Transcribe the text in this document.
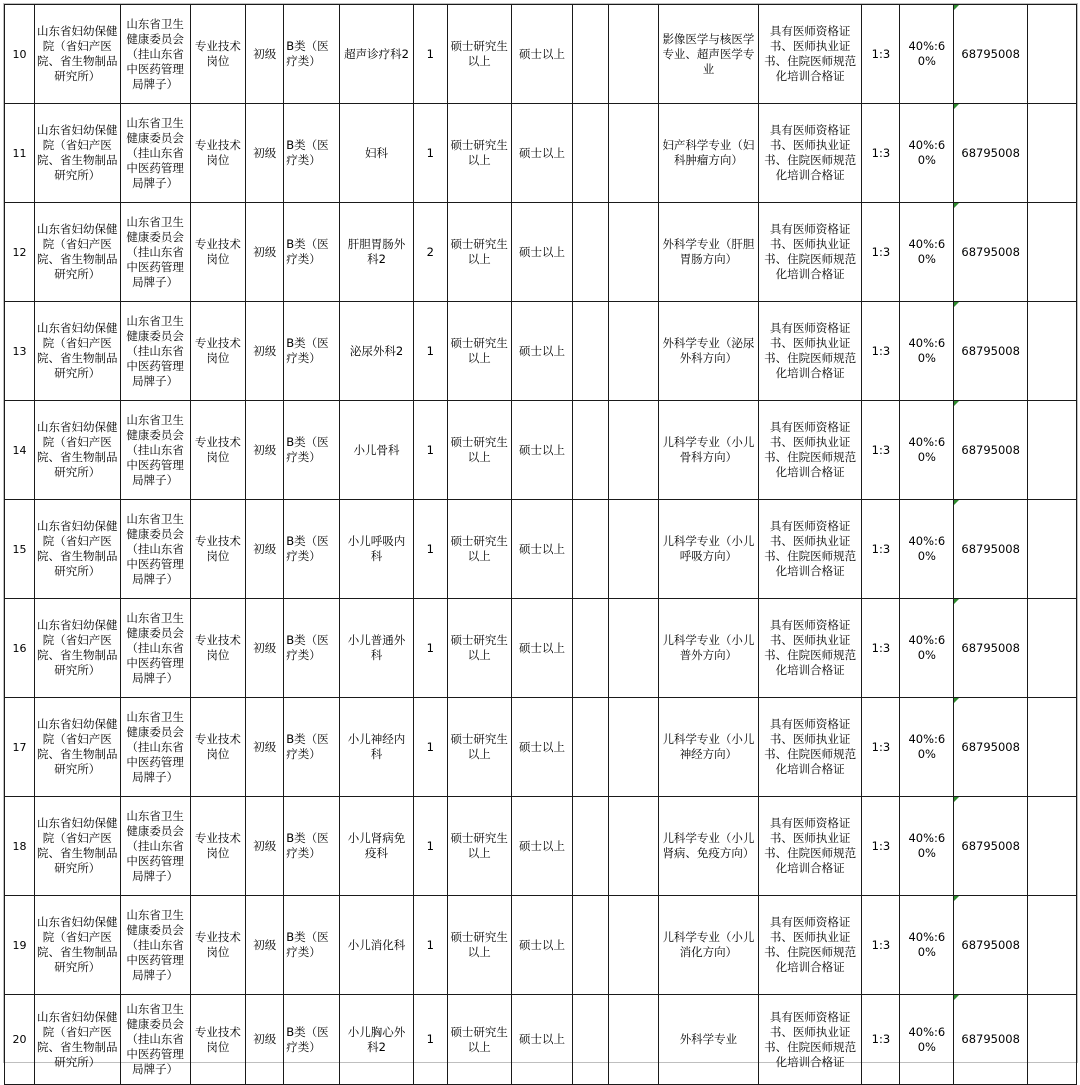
10	山东省妇幼保健院（省妇产医院、省生物制品研究所）	山东省卫生健康委员会（挂山东省中医药管理局牌子）	专业技术岗位	初级	B类（医疗类）	超声诊疗科2	1	硕士研究生以上	硕士以上			影像医学与核医学专业、超声医学专业	具有医师资格证书、医师执业证书、住院医师规范化培训合格证	1:3	40%:60%	68795008	
11	山东省妇幼保健院（省妇产医院、省生物制品研究所）	山东省卫生健康委员会（挂山东省中医药管理局牌子）	专业技术岗位	初级	B类（医疗类）	妇科	1	硕士研究生以上	硕士以上			妇产科学专业（妇科肿瘤方向）	具有医师资格证书、医师执业证书、住院医师规范化培训合格证	1:3	40%:60%	68795008	
12	山东省妇幼保健院（省妇产医院、省生物制品研究所）	山东省卫生健康委员会（挂山东省中医药管理局牌子）	专业技术岗位	初级	B类（医疗类）	肝胆胃肠外科2	2	硕士研究生以上	硕士以上			外科学专业（肝胆胃肠方向）	具有医师资格证书、医师执业证书、住院医师规范化培训合格证	1:3	40%:60%	68795008	
13	山东省妇幼保健院（省妇产医院、省生物制品研究所）	山东省卫生健康委员会（挂山东省中医药管理局牌子）	专业技术岗位	初级	B类（医疗类）	泌尿外科2	1	硕士研究生以上	硕士以上			外科学专业（泌尿外科方向）	具有医师资格证书、医师执业证书、住院医师规范化培训合格证	1:3	40%:60%	68795008	
14	山东省妇幼保健院（省妇产医院、省生物制品研究所）	山东省卫生健康委员会（挂山东省中医药管理局牌子）	专业技术岗位	初级	B类（医疗类）	小儿骨科	1	硕士研究生以上	硕士以上			儿科学专业（小儿骨科方向）	具有医师资格证书、医师执业证书、住院医师规范化培训合格证	1:3	40%:60%	68795008	
15	山东省妇幼保健院（省妇产医院、省生物制品研究所）	山东省卫生健康委员会（挂山东省中医药管理局牌子）	专业技术岗位	初级	B类（医疗类）	小儿呼吸内科	1	硕士研究生以上	硕士以上			儿科学专业（小儿呼吸方向）	具有医师资格证书、医师执业证书、住院医师规范化培训合格证	1:3	40%:60%	68795008	
16	山东省妇幼保健院（省妇产医院、省生物制品研究所）	山东省卫生健康委员会（挂山东省中医药管理局牌子）	专业技术岗位	初级	B类（医疗类）	小儿普通外科	1	硕士研究生以上	硕士以上			儿科学专业（小儿普外方向）	具有医师资格证书、医师执业证书、住院医师规范化培训合格证	1:3	40%:60%	68795008	
17	山东省妇幼保健院（省妇产医院、省生物制品研究所）	山东省卫生健康委员会（挂山东省中医药管理局牌子）	专业技术岗位	初级	B类（医疗类）	小儿神经内科	1	硕士研究生以上	硕士以上			儿科学专业（小儿神经方向）	具有医师资格证书、医师执业证书、住院医师规范化培训合格证	1:3	40%:60%	68795008	
18	山东省妇幼保健院（省妇产医院、省生物制品研究所）	山东省卫生健康委员会（挂山东省中医药管理局牌子）	专业技术岗位	初级	B类（医疗类）	小儿肾病免疫科	1	硕士研究生以上	硕士以上			儿科学专业（小儿肾病、免疫方向）	具有医师资格证书、医师执业证书、住院医师规范化培训合格证	1:3	40%:60%	68795008	
19	山东省妇幼保健院（省妇产医院、省生物制品研究所）	山东省卫生健康委员会（挂山东省中医药管理局牌子）	专业技术岗位	初级	B类（医疗类）	小儿消化科	1	硕士研究生以上	硕士以上			儿科学专业（小儿消化方向）	具有医师资格证书、医师执业证书、住院医师规范化培训合格证	1:3	40%:60%	68795008	
20	山东省妇幼保健院（省妇产医院、省生物制品研究所）	山东省卫生健康委员会（挂山东省中医药管理局牌子）	专业技术岗位	初级	B类（医疗类）	小儿胸心外科2	1	硕士研究生以上	硕士以上			外科学专业	具有医师资格证书、医师执业证书、住院医师规范化培训合格证	1:3	40%:60%	68795008	
